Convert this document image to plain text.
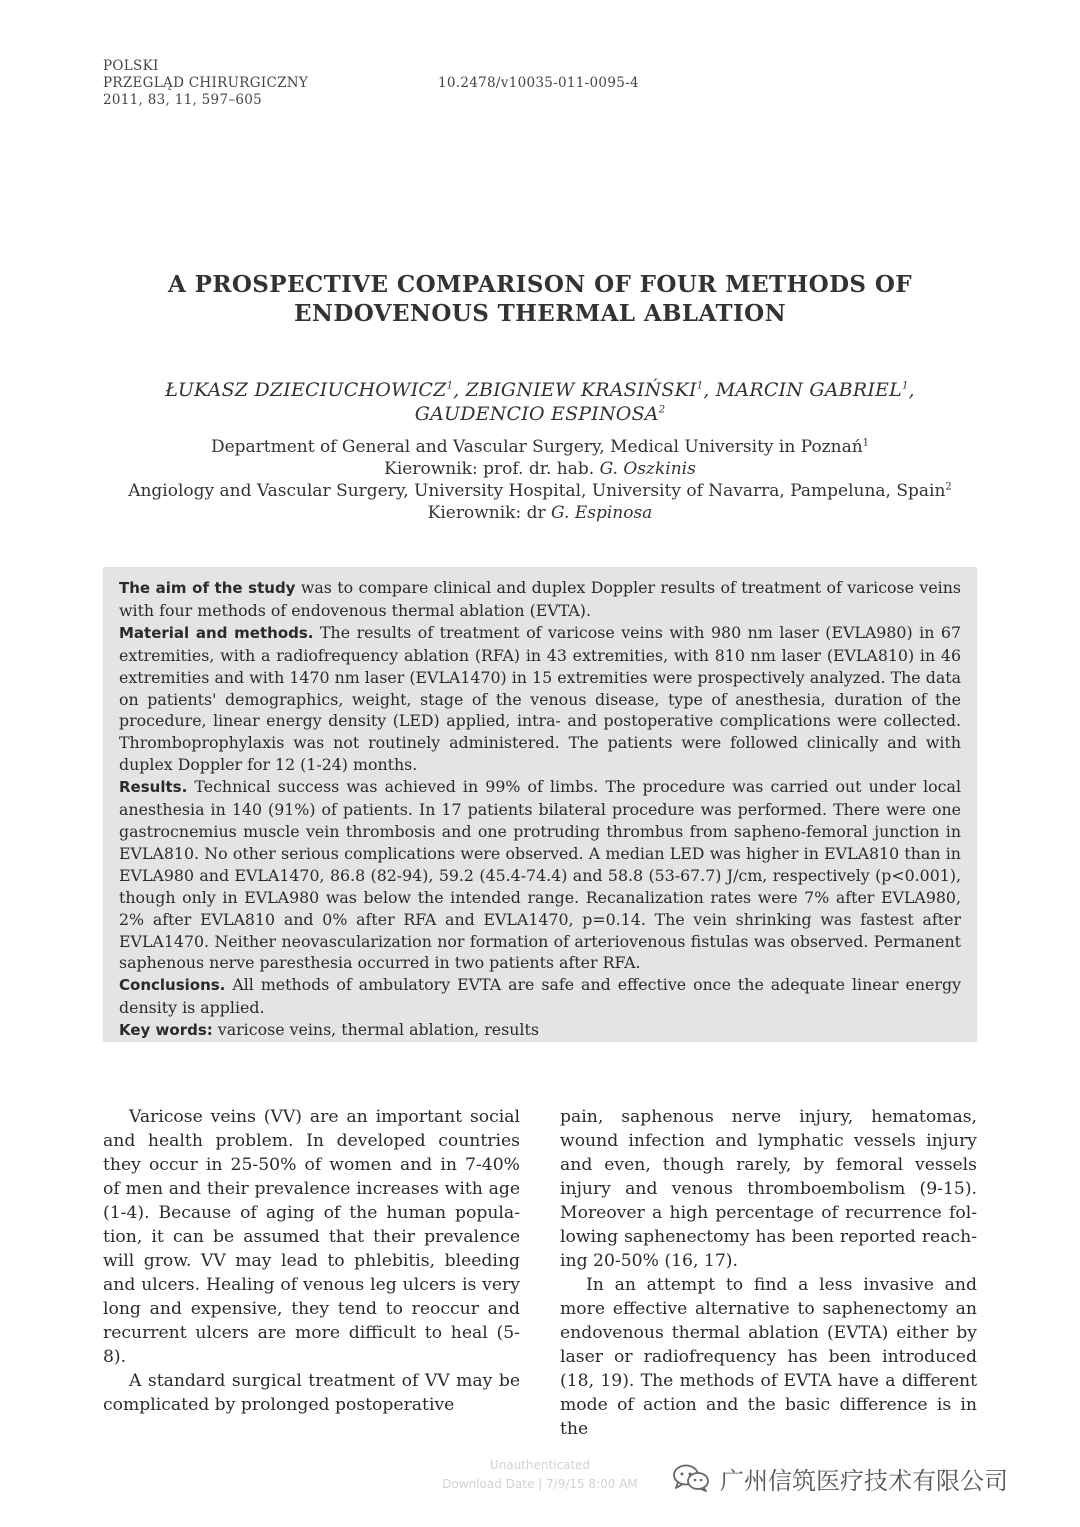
POLSKI
PRZEGLĄD CHIRURGICZNY
2011, 83, 11, 597–605
10.2478/v10035-011-0095-4
A PROSPECTIVE COMPARISON OF FOUR METHODS OF
ENDOVENOUS THERMAL ABLATION
ŁUKASZ DZIECIUCHOWICZ$^1$, ZBIGNIEW KRASIŃSKI$^1$, MARCIN GABRIEL$^1$,
GAUDENCIO ESPINOSA$^2$
Department of General and Vascular Surgery, Medical University in Poznań$^1$
Kierownik: prof. dr. hab. G. Oszkinis
Angiology and Vascular Surgery, University Hospital, University of Navarra, Pampeluna, Spain$^2$
Kierownik: dr G. Espinosa

The aim of the study was to compare clinical and duplex Doppler results of treatment of varicose veins with four methods of endovenous thermal ablation (EVTA).

Material and methods. The results of treatment of varicose veins with 980 nm laser (EVLA980) in 67 extremities, with a radiofrequency ablation (RFA) in 43 extremities, with 810 nm laser (EVLA810) in 46 extremities and with 1470 nm laser (EVLA1470) in 15 extremities were prospectively analyzed. The data on patients' demographics, weight, stage of the venous disease, type of anesthesia, duration of the procedure, linear energy density (LED) applied, intra- and postoperative complications were collected. Thromboprophylaxis was not routinely administered. The patients were followed clinically and with duplex Doppler for 12 (1-24) months.

Results. Technical success was achieved in 99% of limbs. The procedure was carried out under local anesthesia in 140 (91%) of patients. In 17 patients bilateral procedure was performed. There were one gastrocnemius muscle vein thrombosis and one protruding thrombus from sapheno-femoral junction in EVLA810. No other serious complications were observed. A median LED was higher in EVLA810 than in EVLA980 and EVLA1470, 86.8 (82-94), 59.2 (45.4-74.4) and 58.8 (53-67.7) J/cm, respectively (p<0.001), though only in EVLA980 was below the intended range. Recanalization rates were 7% after EVLA980, 2% after EVLA810 and 0% after RFA and EVLA1470, p=0.14. The vein shrinking was fastest after EVLA1470. Neither neovascularization nor formation of arteriovenous fistulas was observed. Permanent saphenous nerve paresthesia occurred in two patients after RFA.

Conclusions. All methods of ambulatory EVTA are safe and effective once the adequate linear energy density is applied.

Key words: varicose veins, thermal ablation, results

Varicose veins (VV) are an important social and health problem. In developed countries they occur in 25-50% of women and in 7-40% of men and their prevalence increases with age (1-4). Because of aging of the human population, it can be assumed that their prevalence will grow. VV may lead to phlebitis, bleeding and ulcers. Healing of venous leg ulcers is very long and expensive, they tend to reoccur and recurrent ulcers are more difficult to heal (5-8).

A standard surgical treatment of VV may be complicated by prolonged postoperative

pain, saphenous nerve injury, hematomas, wound infection and lymphatic vessels injury and even, though rarely, by femoral vessels injury and venous thromboembolism (9-15). Moreover a high percentage of recurrence following saphenectomy has been reported reaching 20-50% (16, 17).

In an attempt to find a less invasive and more effective alternative to saphenectomy an endovenous thermal ablation (EVTA) either by laser or radiofrequency has been introduced (18, 19). The methods of EVTA have a different mode of action and the basic difference is in the

Unauthenticated
Download Date | 7/9/15 8:00 AM	广州信筑医疗技术有限公司
